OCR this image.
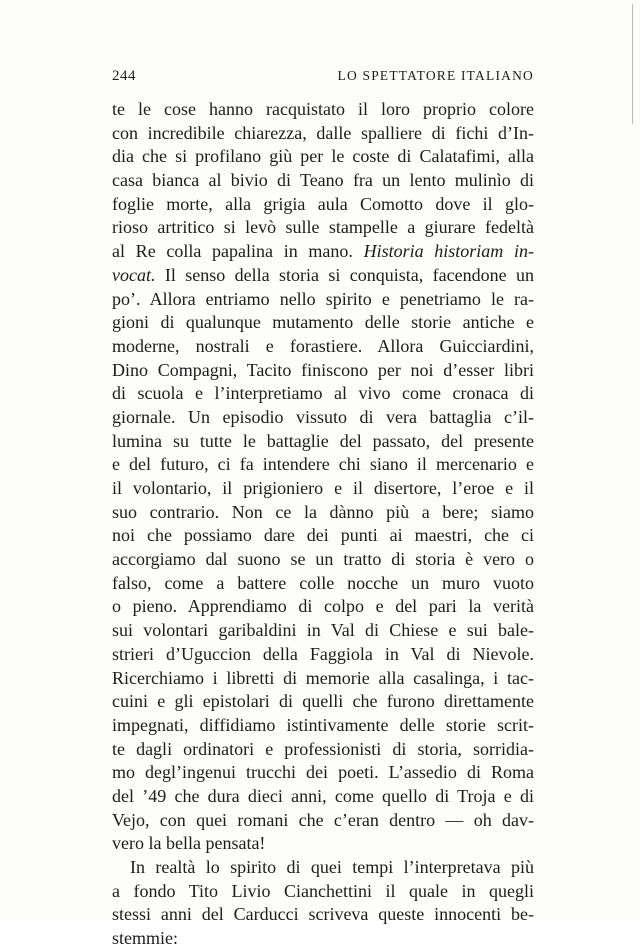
244	LO SPETTATORE ITALIANO
te le cose hanno racquistato il loro proprio colore
con incredibile chiarezza, dalle spalliere di fichi d’In-
dia che si profilano giù per le coste di Calatafimi, alla
casa bianca al bivio di Teano fra un lento mulinìo di
foglie morte, alla grigia aula Comotto dove il glo-
rioso artritico si levò sulle stampelle a giurare fedeltà
al Re colla papalina in mano. Historia historiam in-
vocat. Il senso della storia si conquista, facendone un
po’. Allora entriamo nello spirito e penetriamo le ra-
gioni di qualunque mutamento delle storie antiche e
moderne, nostrali e forastiere. Allora Guicciardini,
Dino Compagni, Tacito finiscono per noi d’esser libri
di scuola e l’interpretiamo al vivo come cronaca di
giornale. Un episodio vissuto di vera battaglia c’il-
lumina su tutte le battaglie del passato, del presente
e del futuro, ci fa intendere chi siano il mercenario e
il volontario, il prigioniero e il disertore, l’eroe e il
suo contrario. Non ce la dànno più a bere; siamo
noi che possiamo dare dei punti ai maestri, che ci
accorgiamo dal suono se un tratto di storia è vero o
falso, come a battere colle nocche un muro vuoto
o pieno. Apprendiamo di colpo e del pari la verità
sui volontari garibaldini in Val di Chiese e sui bale-
strieri d’Uguccion della Faggiola in Val di Nievole.
Ricerchiamo i libretti di memorie alla casalinga, i tac-
cuini e gli epistolari di quelli che furono direttamente
impegnati, diffidiamo istintivamente delle storie scrit-
te dagli ordinatori e professionisti di storia, sorridia-
mo degl’ingenui trucchi dei poeti. L’assedio di Roma
del ’49 che dura dieci anni, come quello di Troja e di
Vejo, con quei romani che c’eran dentro — oh dav-
vero la bella pensata!
In realtà lo spirito di quei tempi l’interpretava più
a fondo Tito Livio Cianchettini il quale in quegli
stessi anni del Carducci scriveva queste innocenti be-
stemmie:
